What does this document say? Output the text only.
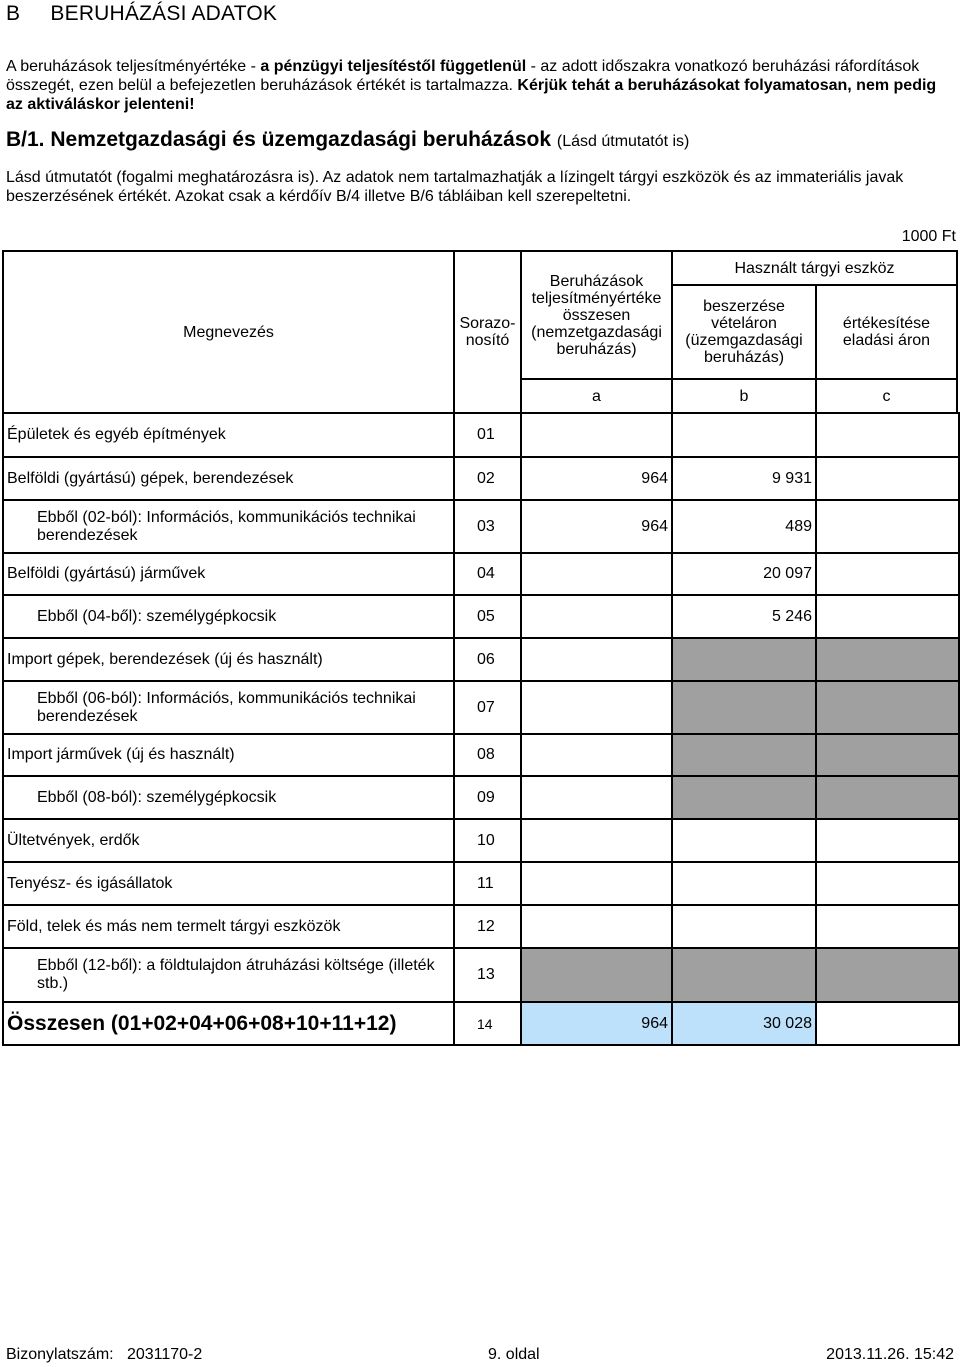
B BERUHÁZÁSI ADATOK
A beruházások teljesítményértéke - a pénzügyi teljesítéstől függetlenül - az adott időszakra vonatkozó beruházási ráfordítások összegét, ezen belül a befejezetlen beruházások értékét is tartalmazza. Kérjük tehát a beruházásokat folyamatosan, nem pedig az aktiváláskor jelenteni!
B/1. Nemzetgazdasági és üzemgazdasági beruházások (Lásd útmutatót is)
Lásd útmutatót (fogalmi meghatározásra is). Az adatok nem tartalmazhatják a lízingelt tárgyi eszközök és az immateriális javak beszerzésének értékét. Azokat csak a kérdőív B/4 illetve B/6 tábláiban kell szerepeltetni.
1000 Ft
Megnevezés	Sorazo-
nosító
Beruházások
teljesítményértéke
összesen
(nemzetgazdasági
beruházás)
Használt tárgyi eszköz
beszerzése
vételáron
(üzemgazdasági
beruházás)
értékesítése
eladási áron
a	b	c
Épületek és egyéb építmények	01			
Belföldi (gyártású) gépek, berendezések	02	964	9 931	
Ebből (02-ból): Információs, kommunikációs technikai berendezések	03	964	489	
Belföldi (gyártású) járművek	04		20 097	
Ebből (04-ből): személygépkocsik	05		5 246	
Import gépek, berendezések (új és használt)	06			
Ebből (06-ból): Információs, kommunikációs technikai berendezések	07			
Import járművek (új és használt)	08			
Ebből (08-ból): személygépkocsik	09			
Ültetvények, erdők	10			
Tenyész- és igásállatok	11			
Föld, telek és más nem termelt tárgyi eszközök	12			
Ebből (12-ből): a földtulajdon átruházási költsége (illeték stb.)	13			
Összesen (01+02+04+06+08+10+11+12)	14	964	30 028	
Bizonylatszám: 2031170-2	9. oldal	2013.11.26. 15:42
